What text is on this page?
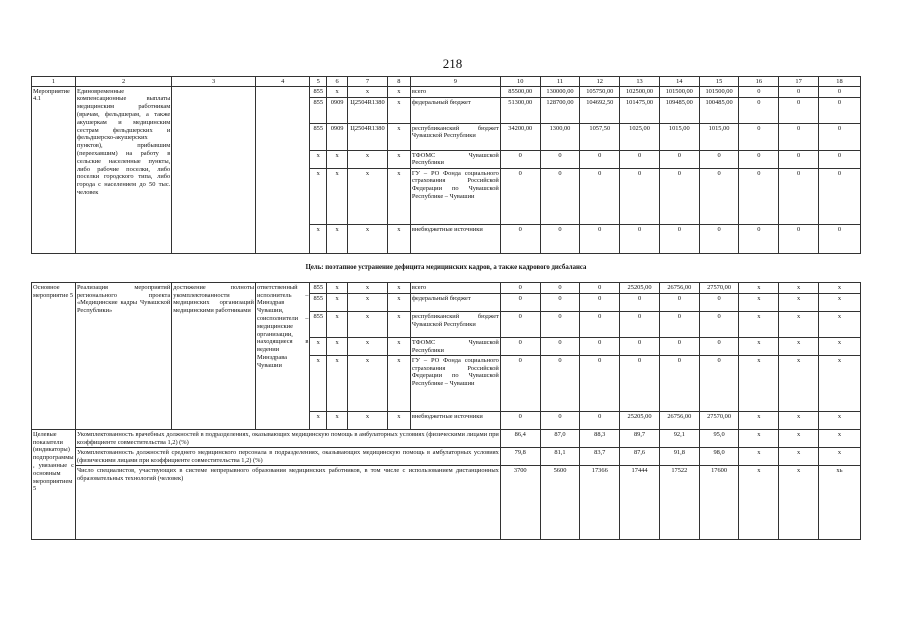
218
1	2	3	4	5	6	7	8	9	10	11	12	13	14	15	16	17	18
Мероприятие 4.1	Единовременные компенсационные выплаты медицинским работникам (врачам, фельдшерам, а также акушеркам и медицинским сестрам фельдшерских и фельдшерско-акушерских пунктов), прибывшим (переехавшим) на работу в сельские населенные пункты, либо рабочие поселки, либо поселки городского типа, либо города с населением до 50 тыс. человек			855	х	х	х	всего	85500,00	130000,00	105750,00	102500,00	101500,00	101500,00	0	0	0
				855	0909	Ц2504R1380	х	федеральный бюджет	51300,00	128700,00	104692,50	101475,00	109485,00	100485,00	0	0	0
				855	0909	Ц2504R1380	х	республиканский бюджет Чувашской Республики	34200,00	1300,00	1057,50	1025,00	1015,00	1015,00	0	0	0
				х	х	х	х	ТФОМС Чувашской Республики	0	0	0	0	0	0	0	0	0
				х	х	х	х	ГУ – РО Фонда социального страхования Российской Федерации по Чувашской Республике – Чувашии	0	0	0	0	0	0	0	0	0
				х	х	х	х	внебюджетные источники	0	0	0	0	0	0	0	0	0
Цель: поэтапное устранение дефицита медицинских кадров, а также кадрового дисбаланса																	
Основное мероприятие 5	Реализация мероприятий регионального проекта «Медицинские кадры Чувашской Республики»	достижение полноты укомплектованности медицинских организаций медицинскими работниками	ответственный исполнитель – Минздрав Чувашии, соисполнители – медицинские организации, находящиеся в ведении Минздрава Чувашии	855	х	х	х	всего	0	0	0	25205,00	26756,00	27570,00	х	х	х
				855	х	х	х	федеральный бюджет	0	0	0	0	0	0	х	х	х
				855	х	х	х	республиканский бюджет Чувашской Республики	0	0	0	0	0	0	х	х	х
				х	х	х	х	ТФОМС Чувашской Республики	0	0	0	0	0	0	х	х	х
				х	х	х	х	ГУ – РО Фонда социального страхования Российской Федерации по Чувашской Республике – Чувашии	0	0	0	0	0	0	х	х	х
				х	х	х	х	внебюджетные источники	0	0	0	25205,00	26756,00	27570,00	х	х	х
Целевые показатели (индикаторы) подпрограммы, увязанные с основным мероприятием 5	Укомплектованность врачебных должностей в подразделениях, оказывающих медицинскую помощь в амбулаторных условиях (физическими лицами при коэффициенте совместительства 1,2) (%)								86,4	87,0	88,3	89,7	92,1	95,0	х	х	х
	Укомплектованность должностей среднего медицинского персонала в подразделениях, оказывающих медицинскую помощь в амбулаторных условиях (физическими лицами при коэффициенте совместительства 1,2) (%)								79,8	81,1	83,7	87,6	91,8	98,0	х	х	х
	Число специалистов, участвующих в системе непрерывного образования медицинских работников, в том числе с использованием дистанционных образовательных технологий (человек)								3700	5600	17366	17444	17522	17600	х	х	хь
